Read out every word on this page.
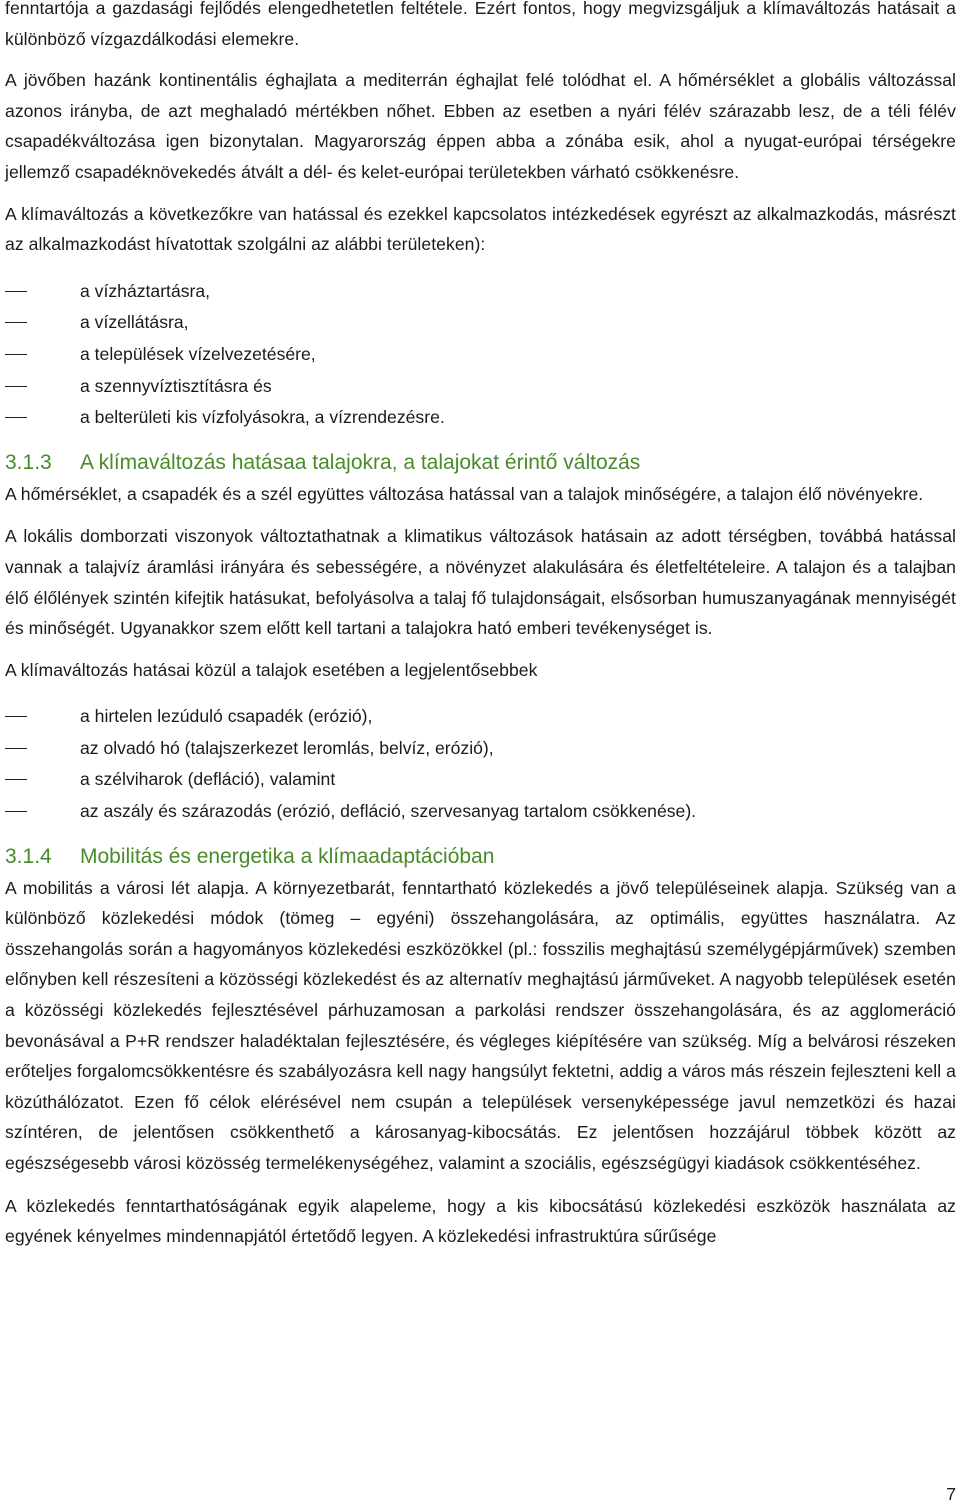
fenntartója a gazdasági fejlődés elengedhetetlen feltétele. Ezért fontos, hogy megvizsgáljuk a klímaváltozás hatásait a különböző vízgazdálkodási elemekre.

A jövőben hazánk kontinentális éghajlata a mediterrán éghajlat felé tolódhat el. A hőmérséklet a globális változással azonos irányba, de azt meghaladó mértékben nőhet. Ebben az esetben a nyári félév szárazabb lesz, de a téli félév csapadékváltozása igen bizonytalan. Magyarország éppen abba a zónába esik, ahol a nyugat-európai térségekre jellemző csapadéknövekedés átvált a dél- és kelet-európai területekben várható csökkenésre.

A klímaváltozás a következőkre van hatással és ezekkel kapcsolatos intézkedések egyrészt az alkalmazkodás, másrészt az alkalmazkodást hívatottak szolgálni az alábbi területeken):

a vízháztartásra,
a vízellátásra,
a települések vízelvezetésére,
a szennyvíztisztításra és
a belterületi kis vízfolyásokra, a vízrendezésre.
3.1.3 A klímaváltozás hatásaa talajokra, a talajokat érintő változás

A hőmérséklet, a csapadék és a szél együttes változása hatással van a talajok minőségére, a talajon élő növényekre.

A lokális domborzati viszonyok változtathatnak a klimatikus változások hatásain az adott térségben, továbbá hatással vannak a talajvíz áramlási irányára és sebességére, a növényzet alakulására és életfeltételeire. A talajon és a talajban élő élőlények szintén kifejtik hatásukat, befolyásolva a talaj fő tulajdonságait, elsősorban humuszanyagának mennyiségét és minőségét. Ugyanakkor szem előtt kell tartani a talajokra ható emberi tevékenységet is.

A klímaváltozás hatásai közül a talajok esetében a legjelentősebbek

a hirtelen lezúduló csapadék (erózió),
az olvadó hó (talajszerkezet leromlás, belvíz, erózió),
a szélviharok (defláció), valamint
az aszály és szárazodás (erózió, defláció, szervesanyag tartalom csökkenése).
3.1.4 Mobilitás és energetika a klímaadaptációban

A mobilitás a városi lét alapja. A környezetbarát, fenntartható közlekedés a jövő településeinek alapja. Szükség van a különböző közlekedési módok (tömeg – egyéni) összehangolására, az optimális, együttes használatra. Az összehangolás során a hagyományos közlekedési eszközökkel (pl.: fosszilis meghajtású személygépjárművek) szemben előnyben kell részesíteni a közösségi közlekedést és az alternatív meghajtású járműveket. A nagyobb települések esetén a közösségi közlekedés fejlesztésével párhuzamosan a parkolási rendszer összehangolására, és az agglomeráció bevonásával a P+R rendszer haladéktalan fejlesztésére, és végleges kiépítésére van szükség. Míg a belvárosi részeken erőteljes forgalomcsökkentésre és szabályozásra kell nagy hangsúlyt fektetni, addig a város más részein fejleszteni kell a közúthálózatot. Ezen fő célok elérésével nem csupán a települések versenyképessége javul nemzetközi és hazai színtéren, de jelentősen csökkenthető a károsanyag-kibocsátás. Ez jelentősen hozzájárul többek között az egészségesebb városi közösség termelékenységéhez, valamint a szociális, egészségügyi kiadások csökkentéséhez.

A közlekedés fenntarthatóságának egyik alapeleme, hogy a kis kibocsátású közlekedési eszközök használata az egyének kényelmes mindennapjától értetődő legyen. A közlekedési infrastruktúra sűrűsége

7
